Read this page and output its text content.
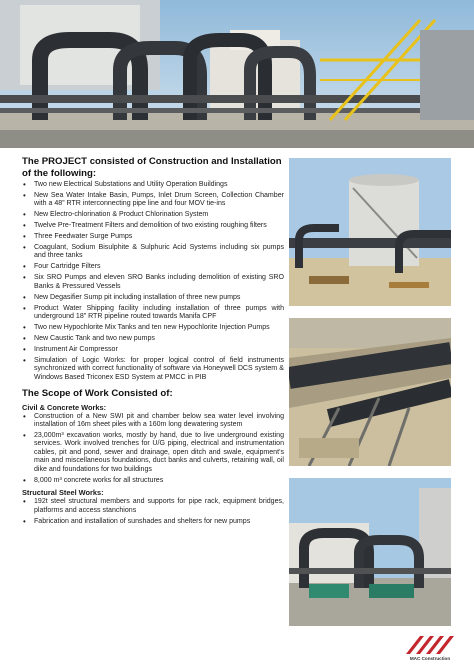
The PROJECT consisted of Construction and Installation of the following:
• Two new Electrical Substations and Utility Operation Buildings
• New Sea Water Intake Basin, Pumps, Inlet Drum Screen, Collection Chamber with a 48” RTR interconnecting pipe line and four MOV tie-ins
• New Electro-chlorination & Product Chlorination System
• Twelve Pre-Treatment Filters and demolition of two existing roughing filters
• Three Feedwater Surge Pumps
• Coagulant, Sodium Bisulphite & Sulphuric Acid Systems including six pumps and three tanks
• Four Cartridge Filters
• Six SRO Pumps and eleven SRO Banks including demolition of existing SRO Banks & Pressured Vessels
• New Degasifier Sump pit including installation of three new pumps
• Product Water Shipping facility including installation of three pumps with underground 18” RTR pipeline routed towards Manifa CPF
• Two new Hypochlorite Mix Tanks and ten new Hypochlorite Injection Pumps
• New Caustic Tank and two new pumps
• Instrument Air Compressor
• Simulation of Logic Works: for proper logical control of field instruments synchronized with correct functionality of software via Honeywell DCS system & Windows Based Triconex ESD System at PMCC in PIB
The Scope of Work Consisted of:
Civil & Concrete Works:
• Construction of a New SWI pit and chamber below sea water level involving installation of 16m sheet piles with a 160m long dewatering system
• 23,000m³ excavation works, mostly by hand, due to live underground existing services. Work involved trenches for U/G piping, electrical and instrumentation cables, pit and pond, sewer and drainage, open ditch and swale, equipment’s main and miscellaneous foundations, duct banks and culverts, retaining wall, oil dike and foundations for two buildings
• 8,000 m³ concrete works for all structures
Structural Steel Works:
• 192t steel structural members and supports for pipe rack, equipment bridges, platforms and access stanchions
• Fabrication and installation of sunshades and shelters for new pumps
MAC Construction
